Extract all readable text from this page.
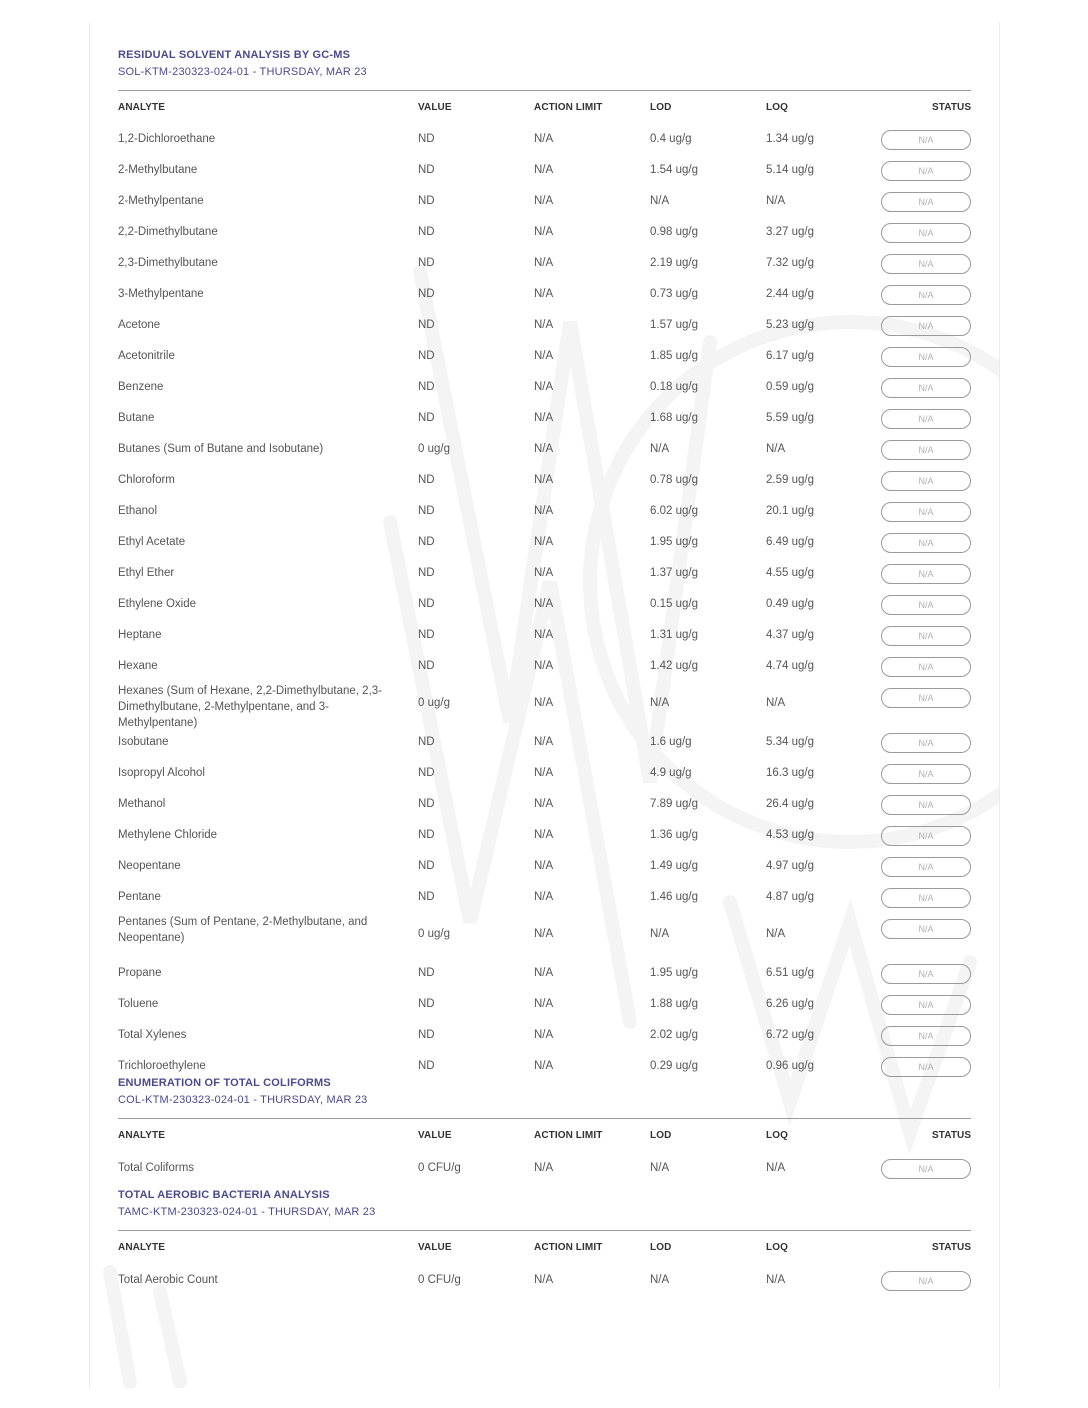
RESIDUAL SOLVENT ANALYSIS BY GC-MS
SOL-KTM-230323-024-01 - THURSDAY, MAR 23
ANALYTE	VALUE	ACTION LIMIT	LOD	LOQ	STATUS
1,2-Dichloroethane	ND	N/A	0.4 ug/g	1.34 ug/g	N/A
2-Methylbutane	ND	N/A	1.54 ug/g	5.14 ug/g	N/A
2-Methylpentane	ND	N/A	N/A	N/A	N/A
2,2-Dimethylbutane	ND	N/A	0.98 ug/g	3.27 ug/g	N/A
2,3-Dimethylbutane	ND	N/A	2.19 ug/g	7.32 ug/g	N/A
3-Methylpentane	ND	N/A	0.73 ug/g	2.44 ug/g	N/A
Acetone	ND	N/A	1.57 ug/g	5.23 ug/g	N/A
Acetonitrile	ND	N/A	1.85 ug/g	6.17 ug/g	N/A
Benzene	ND	N/A	0.18 ug/g	0.59 ug/g	N/A
Butane	ND	N/A	1.68 ug/g	5.59 ug/g	N/A
Butanes (Sum of Butane and Isobutane)	0 ug/g	N/A	N/A	N/A	N/A
Chloroform	ND	N/A	0.78 ug/g	2.59 ug/g	N/A
Ethanol	ND	N/A	6.02 ug/g	20.1 ug/g	N/A
Ethyl Acetate	ND	N/A	1.95 ug/g	6.49 ug/g	N/A
Ethyl Ether	ND	N/A	1.37 ug/g	4.55 ug/g	N/A
Ethylene Oxide	ND	N/A	0.15 ug/g	0.49 ug/g	N/A
Heptane	ND	N/A	1.31 ug/g	4.37 ug/g	N/A
Hexane	ND	N/A	1.42 ug/g	4.74 ug/g	N/A
Hexanes (Sum of Hexane, 2,2-Dimethylbutane, 2,3-Dimethylbutane, 2-Methylpentane, and 3-Methylpentane)
0 ug/g	N/A	N/A	N/A	N/A
Isobutane	ND	N/A	1.6 ug/g	5.34 ug/g	N/A
Isopropyl Alcohol	ND	N/A	4.9 ug/g	16.3 ug/g	N/A
Methanol	ND	N/A	7.89 ug/g	26.4 ug/g	N/A
Methylene Chloride	ND	N/A	1.36 ug/g	4.53 ug/g	N/A
Neopentane	ND	N/A	1.49 ug/g	4.97 ug/g	N/A
Pentane	ND	N/A	1.46 ug/g	4.87 ug/g	N/A
Pentanes (Sum of Pentane, 2-Methylbutane, and Neopentane)	0 ug/g	N/A	N/A	N/A	N/A
Propane	ND	N/A	1.95 ug/g	6.51 ug/g	N/A
Toluene	ND	N/A	1.88 ug/g	6.26 ug/g	N/A
Total Xylenes	ND	N/A	2.02 ug/g	6.72 ug/g	N/A
Trichloroethylene	ND	N/A	0.29 ug/g	0.96 ug/g	N/A
ENUMERATION OF TOTAL COLIFORMS
COL-KTM-230323-024-01 - THURSDAY, MAR 23
ANALYTE	VALUE	ACTION LIMIT	LOD	LOQ	STATUS
Total Coliforms	0 CFU/g	N/A	N/A	N/A	N/A
TOTAL AEROBIC BACTERIA ANALYSIS
TAMC-KTM-230323-024-01 - THURSDAY, MAR 23
ANALYTE	VALUE	ACTION LIMIT	LOD	LOQ	STATUS
Total Aerobic Count	0 CFU/g	N/A	N/A	N/A	N/A
